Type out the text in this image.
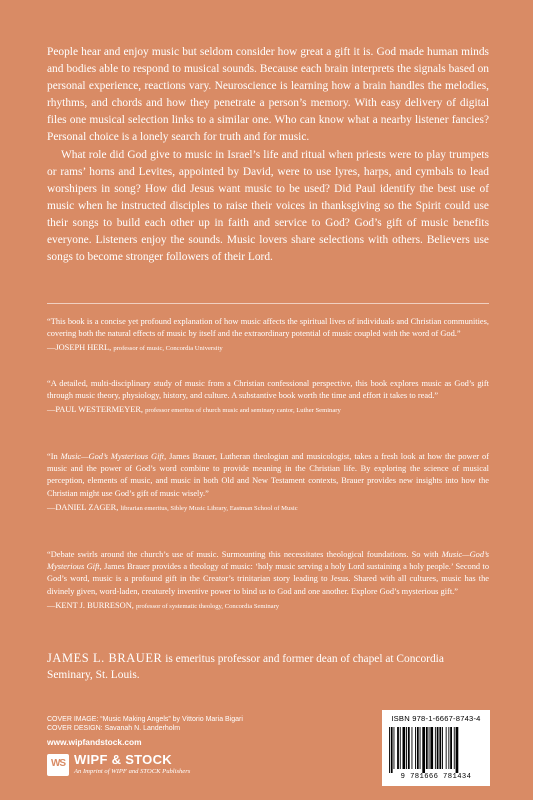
People hear and enjoy music but seldom consider how great a gift it is. God made human minds and bodies able to respond to musical sounds. Because each brain interprets the signals based on personal experience, reactions vary. Neuroscience is learning how a brain handles the melodies, rhythms, and chords and how they penetrate a person’s memory. With easy delivery of digital files one musical selection links to a similar one. Who can know what a nearby listener fancies? Personal choice is a lonely search for truth and for music.

What role did God give to music in Israel’s life and ritual when priests were to play trumpets or rams’ horns and Levites, appointed by David, were to use lyres, harps, and cymbals to lead worshipers in song? How did Jesus want music to be used? Did Paul identify the best use of music when he instructed disciples to raise their voices in thanksgiving so the Spirit could use their songs to build each other up in faith and service to God? God’s gift of music benefits everyone. Listeners enjoy the sounds. Music lovers share selections with others. Believers use songs to become stronger followers of their Lord.

“This book is a concise yet profound explanation of how music affects the spiritual lives of individuals and Christian communities, covering both the natural effects of music by itself and the extraordinary potential of music coupled with the word of God.”

—JOSEPH HERL, professor of music, Concordia University

“A detailed, multi-disciplinary study of music from a Christian confessional perspective, this book explores music as God’s gift through music theory, physiology, history, and culture. A substantive book worth the time and effort it takes to read.”

—PAUL WESTERMEYER, professor emeritus of church music and seminary cantor, Luther Seminary

“In Music—God’s Mysterious Gift, James Brauer, Lutheran theologian and musicologist, takes a fresh look at how the power of music and the power of God’s word combine to provide meaning in the Christian life. By exploring the science of musical perception, elements of music, and music in both Old and New Testament contexts, Brauer provides new insights into how the Christian might use God’s gift of music wisely.”

—DANIEL ZAGER, librarian emeritus, Sibley Music Library, Eastman School of Music

“Debate swirls around the church’s use of music. Surmounting this necessitates theological foundations. So with Music—God’s Mysterious Gift, James Brauer provides a theology of music: ‘holy music serving a holy Lord sustaining a holy people.’ Second to God’s word, music is a profound gift in the Creator’s trinitarian story leading to Jesus. Shared with all cultures, music has the divinely given, word-laden, creaturely inventive power to bind us to God and one another. Explore God’s mysterious gift.”

—KENT J. BURRESON, professor of systematic theology, Concordia Seminary

JAMES L. BRAUER is emeritus professor and former dean of chapel at Concordia Seminary, St. Louis.
COVER IMAGE: “Music Making Angels” by Vittorio Maria Bigari
COVER DESIGN: Savanah N. Landerholm
www.wipfandstock.com
WS WIPF & STOCK
An Imprint of WIPF and STOCK Publishers
ISBN 978-1-6667-8743-4
9 781666 781434
